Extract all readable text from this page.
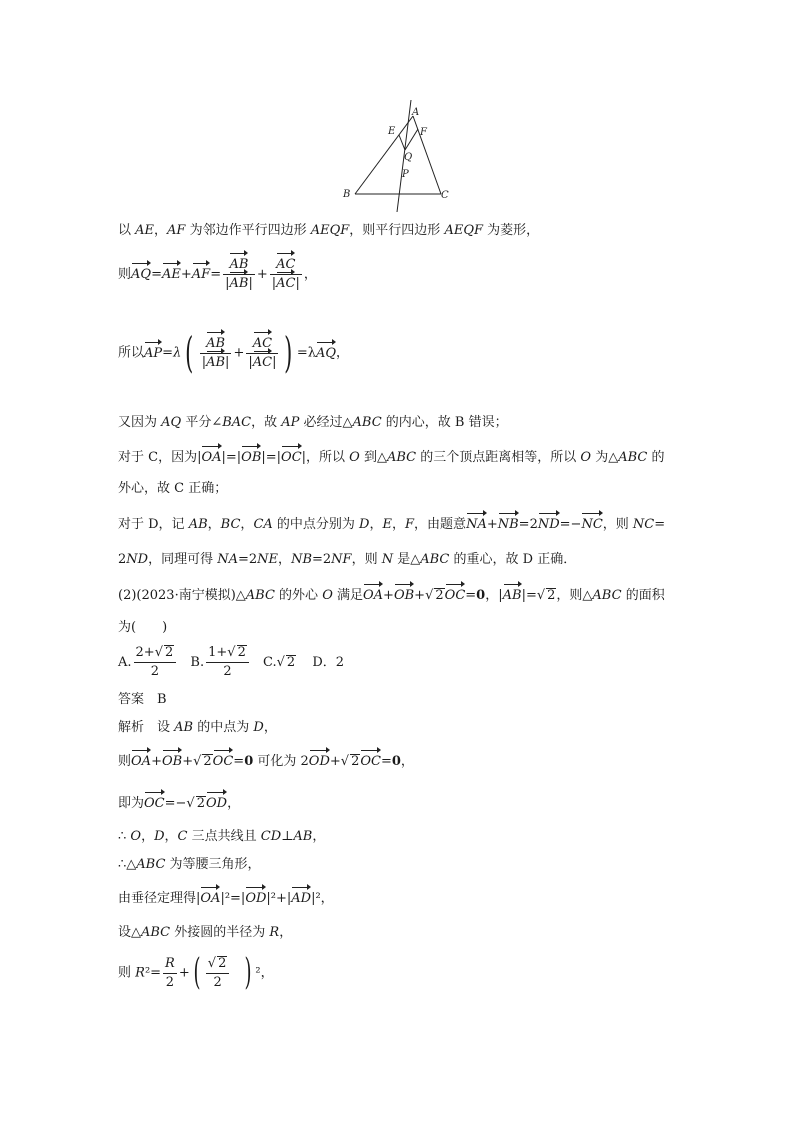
A
E F
Q
P
B	C
以 AE，AF 为邻边作平行四边形 AEQF，则平行四边形 AEQF 为菱形，
则$AQ=AE+AF= \frac{AB}{|AB|} + \frac{AC}{|AC|}$ ，
所以$AP=\lambda( \frac{AB}{|AB|} + \frac{AC}{|AC|}$ ) =λAQ，
又因为 AQ 平分∠BAC，故 AP 必经过△ABC 的内心，故 B 错误；
对于 C，因为|OA|=|OB|=|OC|，所以 O 到△ABC 的三个顶点距离相等，所以 O 为△ABC 的
外心，故 C 正确；
对于 D，记 AB，BC，CA 的中点分别为 D，E，F，由题意NA+NB=2ND=−NC，则 NC=
2ND，同理可得 NA=2NE，NB=2NF，则 N 是△ABC 的重心，故 D 正确．
(2)(2023·南宁模拟)△ABC 的外心 O 满足OA+OB+√ 2OC=0，|AB|=√ 2，则△ABC 的面积
为(　　)
A. $\frac{2+√ 2}{2} B$. $\frac{1+√ 2}{2} C.√$ 2 D．2
答案　 B
解析　 设 AB 的中点为 D，
则OA+OB+√ 2OC=0 可化为 2OD+√ 2OC=0，
即为OC=−√ 2OD，
∴ O，D，C 三点共线且 CD⊥AB，
∴△ABC 为等腰三角形，
由垂径定理得|OA|²=|OD|²+|AD|²，
设△ABC 外接圆的半径为 R，
则 $R^2= \frac{R}{2}$ +( $\frac{√ 2}{2}$ ) ²，
